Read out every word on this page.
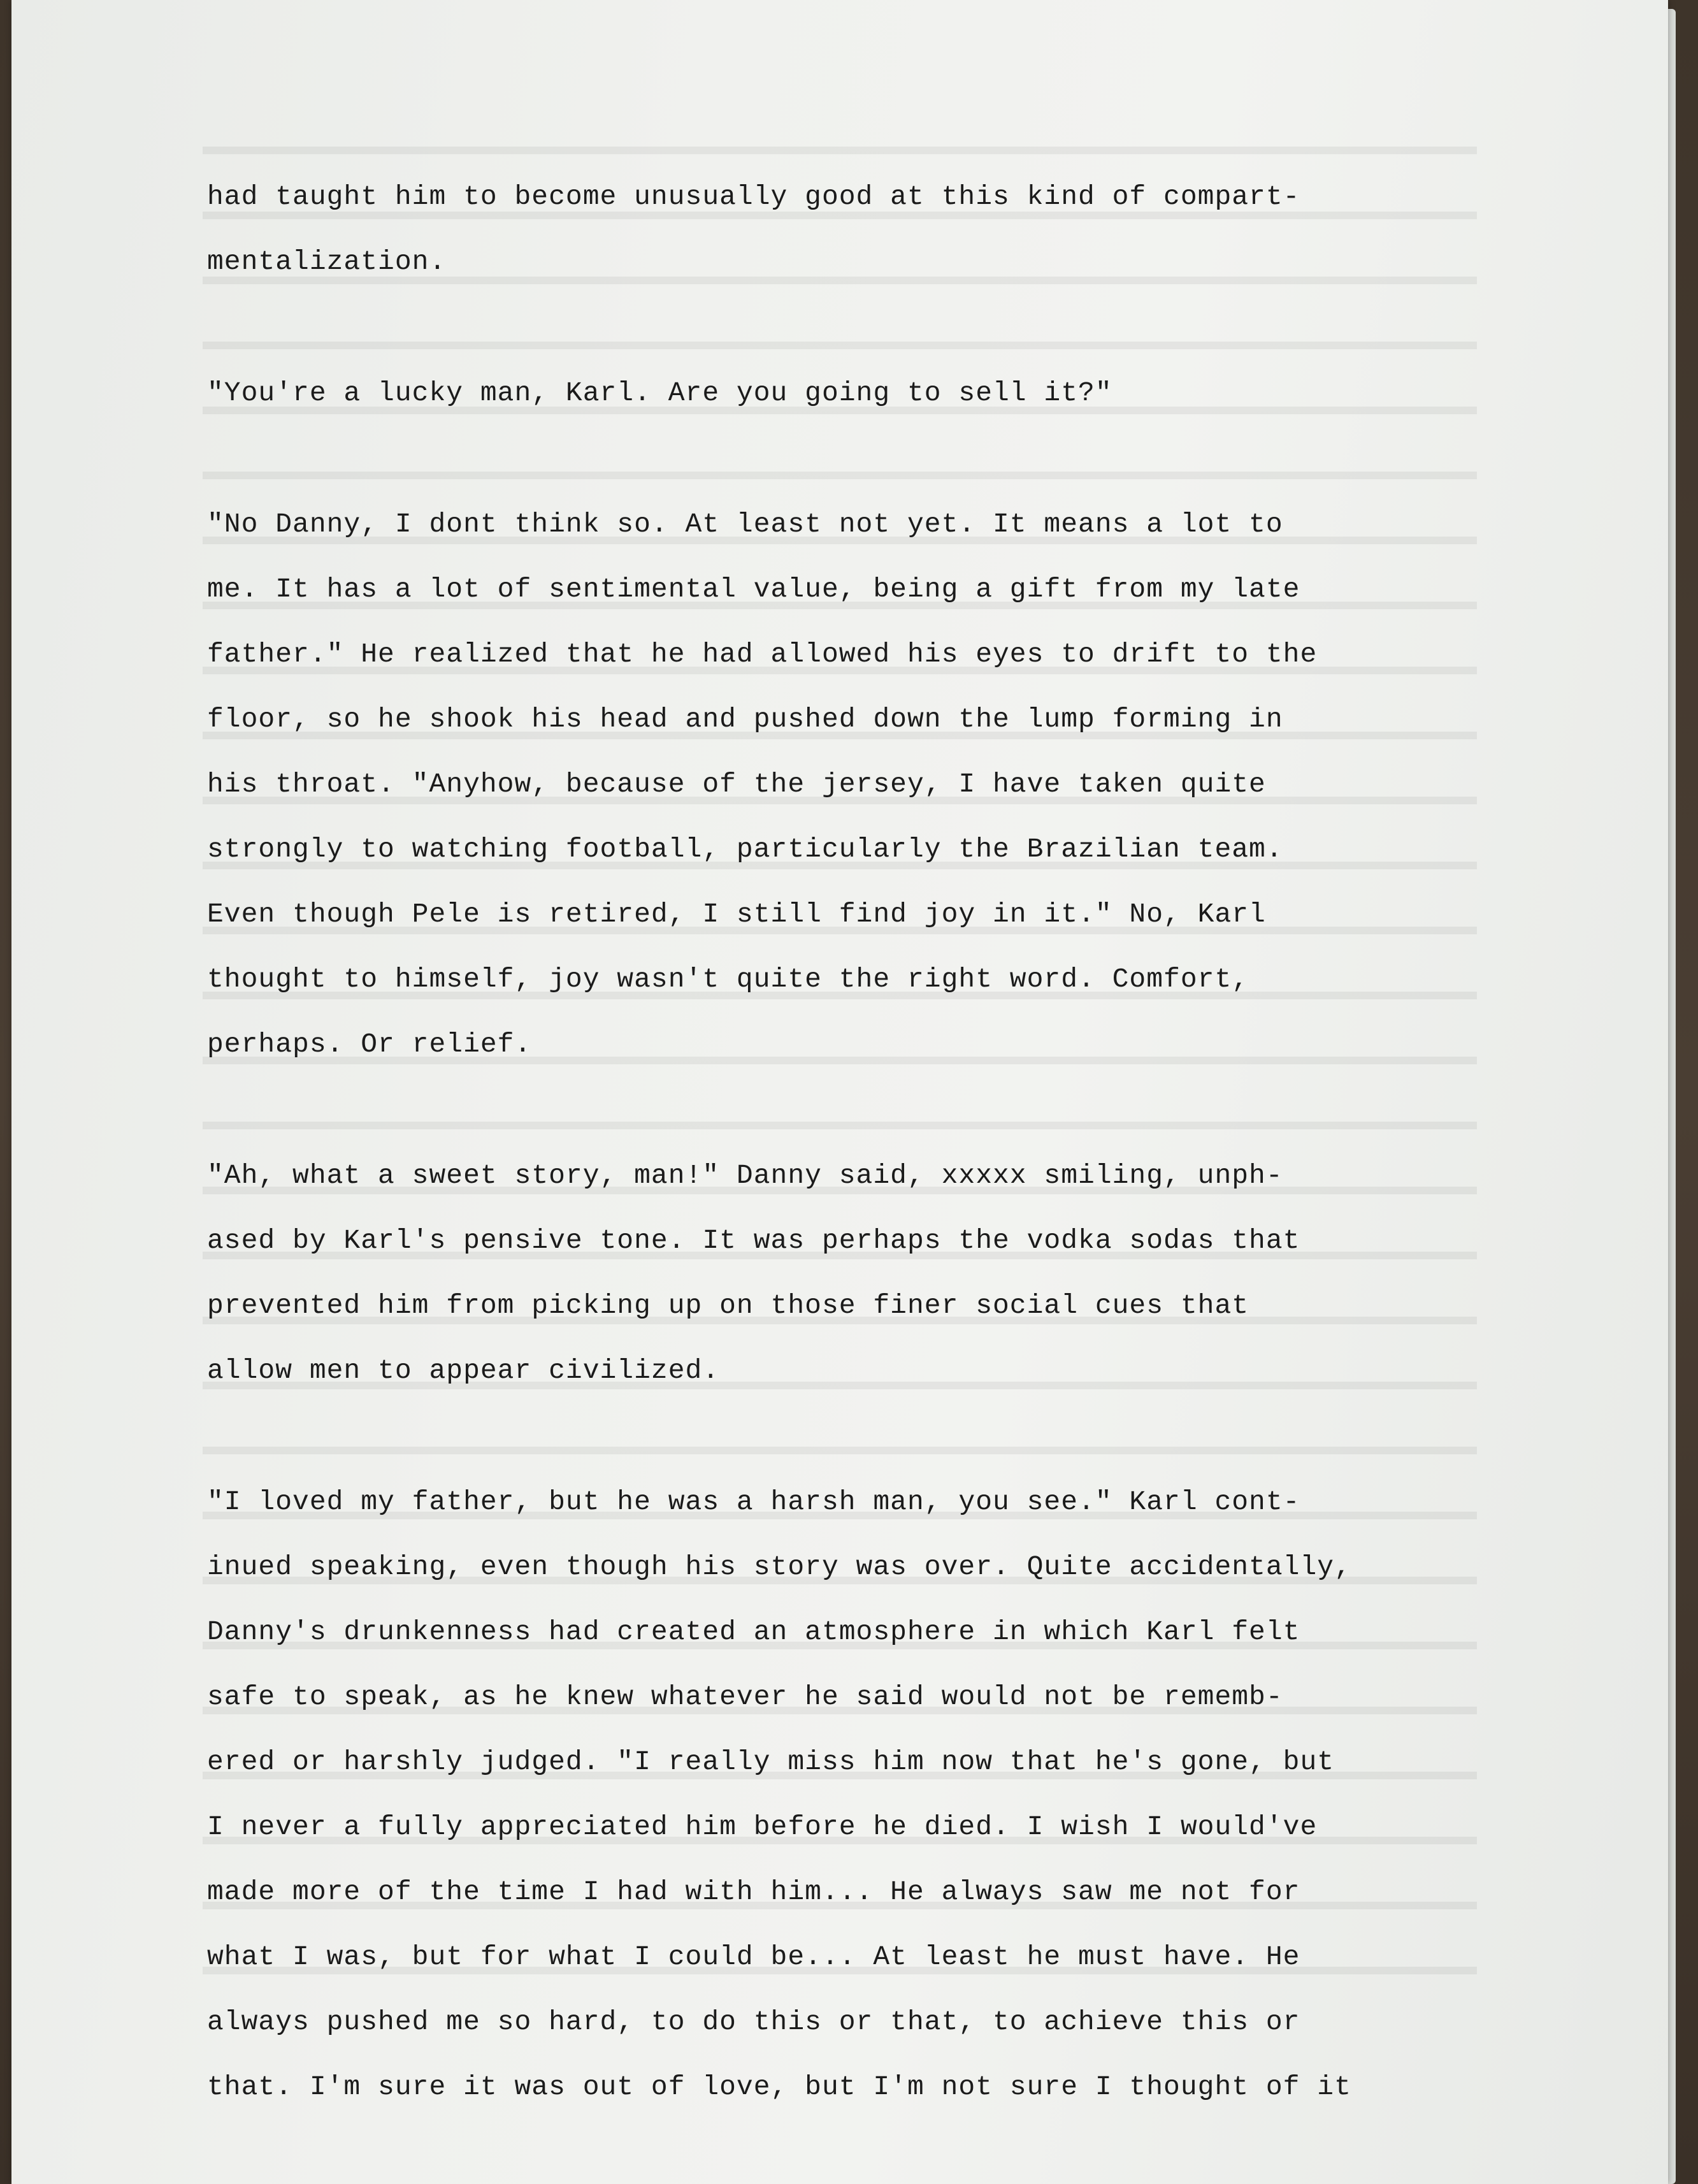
had taught him to become unusually good at this kind of compart-
mentalization.
"You're a lucky man, Karl. Are you going to sell it?"
"No Danny, I dont think so. At least not yet. It means a lot to
me. It has a lot of sentimental value, being a gift from my late
father." He realized that he had allowed his eyes to drift to the
floor, so he shook his head and pushed down the lump forming in
his throat. "Anyhow, because of the jersey, I have taken quite
strongly to watching football, particularly the Brazilian team.
Even though Pele is retired, I still find joy in it." No, Karl
thought to himself, joy wasn't quite the right word. Comfort,
perhaps. Or relief.
"Ah, what a sweet story, man!" Danny said, xxxxx smiling, unph-
ased by Karl's pensive tone. It was perhaps the vodka sodas that
prevented him from picking up on those finer social cues that
allow men to appear civilized.
"I loved my father, but he was a harsh man, you see." Karl cont-
inued speaking, even though his story was over. Quite accidentally,
Danny's drunkenness had created an atmosphere in which Karl felt
safe to speak, as he knew whatever he said would not be rememb-
ered or harshly judged. "I really miss him now that he's gone, but
I never a fully appreciated him before he died. I wish I would've
made more of the time I had with him... He always saw me not for
what I was, but for what I could be... At least he must have. He
always pushed me so hard, to do this or that, to achieve this or
that. I'm sure it was out of love, but I'm not sure I thought of it
